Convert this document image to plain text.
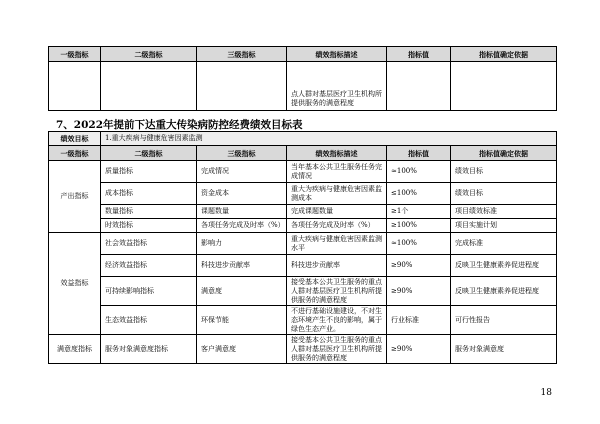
一级指标	二级指标	三级指标	绩效指标描述	指标值	指标值确定依据
			点人群对基层医疗卫生机构所提供服务的满意程度		
7、2022年提前下达重大传染病防控经费绩效目标表
绩效目标	1.重大疾病与健康危害因素监测				
一级指标	二级指标	三级指标	绩效指标描述	指标值	指标值确定依据
产出指标	质量指标	完成情况	当年基本公共卫生服务任务完成情况	≈100%	绩效目标
	成本指标	资金成本	重大为疾病与健康危害因素监测成本	≤100%	绩效目标
	数量指标	课题数量	完成课题数量	≥1个	项目绩效标准
	时效指标	各项任务完成及时率（%）	各项任务完成及时率（%）	≥100%	项目实施计划
效益指标	社会效益指标	影响力	重大疾病与健康危害因素监测水平	≈100%	完成标准
	经济效益指标	科技进步贡献率	科技进步贡献率	≥90%	反映卫生健康素养促进程度
	可持续影响指标	满意度	接受基本公共卫生服务的重点人群对基层医疗卫生机构所提供服务的满意程度	≥90%	反映卫生健康素养促进程度
	生态效益指标	环保节能	不进行基础设施建设，不对生态环境产生不良的影响，属于绿色生态产业。	行业标准	可行性报告
满意度指标	服务对象满意度指标	客户满意度	接受基本公共卫生服务的重点人群对基层医疗卫生机构所提供服务的满意程度	≥90%	服务对象满意度
18
